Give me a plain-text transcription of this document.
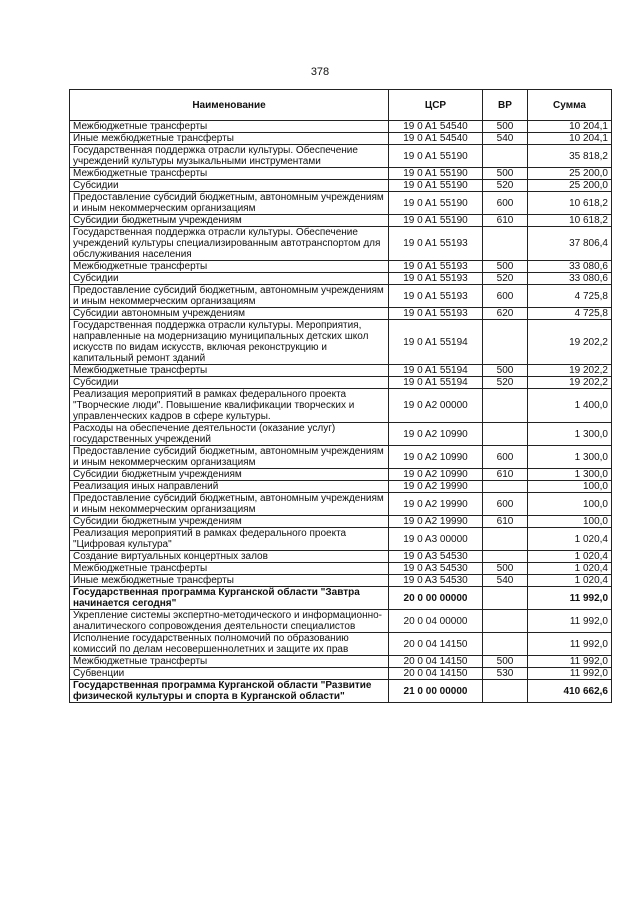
378
Наименование	ЦСР	ВР	Сумма
Межбюджетные трансферты	19 0 A1 54540	500	10 204,1
Иные межбюджетные трансферты	19 0 A1 54540	540	10 204,1
Государственная поддержка отрасли культуры. Обеспечение учреждений культуры музыкальными инструментами	19 0 A1 55190		35 818,2
Межбюджетные трансферты	19 0 A1 55190	500	25 200,0
Субсидии	19 0 A1 55190	520	25 200,0
Предоставление субсидий бюджетным, автономным учреждениям и иным некоммерческим организациям	19 0 A1 55190	600	10 618,2
Субсидии бюджетным учреждениям	19 0 A1 55190	610	10 618,2
Государственная поддержка отрасли культуры. Обеспечение учреждений культуры специализированным автотранспортом для обслуживания населения	19 0 A1 55193		37 806,4
Межбюджетные трансферты	19 0 A1 55193	500	33 080,6
Субсидии	19 0 A1 55193	520	33 080,6
Предоставление субсидий бюджетным, автономным учреждениям и иным некоммерческим организациям	19 0 A1 55193	600	4 725,8
Субсидии автономным учреждениям	19 0 A1 55193	620	4 725,8
Государственная поддержка отрасли культуры. Мероприятия, направленные на модернизацию муниципальных детских школ искусств по видам искусств, включая реконструкцию и капитальный ремонт зданий	19 0 A1 55194		19 202,2
Межбюджетные трансферты	19 0 A1 55194	500	19 202,2
Субсидии	19 0 A1 55194	520	19 202,2
Реализация мероприятий в рамках федерального проекта "Творческие люди". Повышение квалификации творческих и управленческих кадров в сфере культуры.	19 0 A2 00000		1 400,0
Расходы на обеспечение деятельности (оказание услуг) государственных учреждений	19 0 A2 10990		1 300,0
Предоставление субсидий бюджетным, автономным учреждениям и иным некоммерческим организациям	19 0 A2 10990	600	1 300,0
Субсидии бюджетным учреждениям	19 0 A2 10990	610	1 300,0
Реализация иных направлений	19 0 A2 19990		100,0
Предоставление субсидий бюджетным, автономным учреждениям и иным некоммерческим организациям	19 0 A2 19990	600	100,0
Субсидии бюджетным учреждениям	19 0 A2 19990	610	100,0
Реализация мероприятий в рамках федерального проекта "Цифровая культура"	19 0 A3 00000		1 020,4
Создание виртуальных концертных залов	19 0 A3 54530		1 020,4
Межбюджетные трансферты	19 0 A3 54530	500	1 020,4
Иные межбюджетные трансферты	19 0 A3 54530	540	1 020,4
Государственная программа Курганской области "Завтра начинается сегодня"	20 0 00 00000		11 992,0
Укрепление системы экспертно-методического и информационно-аналитического сопровождения деятельности специалистов	20 0 04 00000		11 992,0
Исполнение государственных полномочий по образованию комиссий по делам несовершеннолетних и защите их прав	20 0 04 14150		11 992,0
Межбюджетные трансферты	20 0 04 14150	500	11 992,0
Субвенции	20 0 04 14150	530	11 992,0
Государственная программа Курганской области "Развитие физической культуры и спорта в Курганской области"	21 0 00 00000		410 662,6
